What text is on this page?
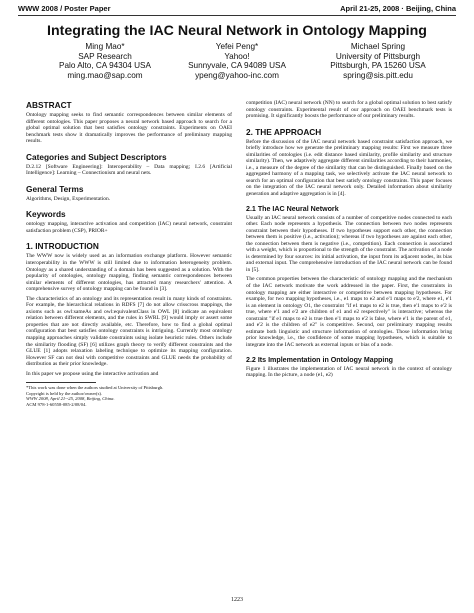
WWW 2008 / Poster Paper	April 21-25, 2008 · Beijing, China
Integrating the IAC Neural Network in Ontology Mapping
Ming Mao*
SAP Research
Palo Alto, CA 94304 USA
ming.mao@sap.com
Yefei Peng*
Yahoo!
Sunnyvale, CA 94089 USA
ypeng@yahoo-inc.com
Michael Spring
University of Pittsburgh
Pittsburgh, PA 15260 USA
spring@sis.pitt.edu
ABSTRACT

Ontology mapping seeks to find semantic correspondences between similar elements of different ontologies. This paper proposes a neural network based approach to search for a global optimal solution that best satisfies ontology constraints. Experiments on OAEI benchmark tests show it dramatically improves the performance of preliminary mapping results.

Categories and Subject Descriptors

D.2.12 [Software Engineering]: Interoperability – Data mapping; I.2.6 [Artificial Intelligence]: Learning – Connectionism and neural nets.

General Terms

Algorithms, Design, Experimentation.

Keywords

ontology mapping, interactive activation and competition (IAC) neural network, constraint satisfaction problem (CSP), PRIOR+

1. INTRODUCTION

The WWW now is widely used as an information exchange platform. However semantic interoperability in the WWW is still limited due to information heterogeneity problem. Ontology as a shared understanding of a domain has been suggested as a solution. With the popularity of ontologies, ontology mapping, finding semantic correspondences between similar elements of different ontologies, has attracted many researchers' attention. A comprehensive survey of ontology mapping can be found in [3].

The characteristics of an ontology and its representation result in many kinds of constraints. For example, the hierarchical relations in RDFS [7] do not allow crisscross mappings, the axioms such as owl:sameAs and owl:equivalentClass in OWL [8] indicate an equivalent relation between different elements, and the rules in SWRL [9] would imply or assert some properties that are not directly available, etc. Therefore, how to find a global optimal configuration that best satisfies ontology constraints is intriguing. Currently most ontology mapping approaches simply validate constraints using isolate heuristic rules. Others include the similarity flooding (SF) [6] utilizes graph theory to verify different constraints and the GLUE [1] adopts relaxation labeling technique to optimize its mapping configuration. However SF can not deal with competitive constraints and GLUE needs the probability of distribution as their prior knowledge.

In this paper we propose using the interactive activation and

*This work was done when the authors studied at University of Pittsburgh.
Copyright is held by the author/owner(s).
WWW 2008, April 21--25, 2008, Beijing, China.
ACM 978-1-60558-085-2/08/04.

competition (IAC) neural network (NN) to search for a global optimal solution to best satisfy ontology constraints. Experimental result of our approach on OAEI benchmark tests is promising. It significantly boosts the performance of our preliminary results.

2. THE APPROACH

Before the discussion of the IAC neural network based constraint satisfaction approach, we briefly introduce how we generate the preliminary mapping results: First we measure three similarities of ontologies (i.e. edit distance based similarity, profile similarity and structure similarity). Then, we adaptively aggregate different similarities according to their harmonies, i.e., a measure of the degree of the similarity that can be distinguished. Finally based on the aggregated harmony of a mapping task, we selectively activate the IAC neural network to search for an optimal configuration that best satisfy ontology constraints. This paper focuses on the integration of the IAC neural network only. Detailed information about similarity generation and adaptive aggregation is in [4].

2.1 The IAC Neural Network

Usually an IAC neural network consists of a number of competitive nodes connected to each other. Each node represents a hypothesis. The connection between two nodes represents constraint between their hypotheses. If two hypotheses support each other, the connection between them is positive (i.e., activation); whereas if two hypotheses are against each other, the connection between them is negative (i.e., competition). Each connection is associated with a weight, which is proportional to the strength of the constraint. The activation of a node is determined by four sources: its initial activation, the input from its adjacent nodes, its bias and external input. The comprehensive introduction of the IAC neural network can be found in [5].

The common properties between the characteristic of ontology mapping and the mechanism of the IAC network motivate the work addressed in the paper. First, the constraints in ontology mapping are either interactive or competitive between mapping hypotheses. For example, for two mapping hypotheses, i.e., e1 maps to e2 and e'1 maps to e'2, where e1, e'1 is an element in ontology O1, the constraint "if e1 maps to e2 is true, then e'1 maps to e'2 is true, where e'1 and e'2 are children of e1 and e2 respectively" is interactive; whereas the constraint "if e1 maps to e2 is true then e'1 maps to e'2 is false, where e'1 is the parent of e1, and e'2 is the children of e2" is competitive. Second, our preliminary mapping results estimate both linguistic and structure information of ontologies. Those information bring prior knowledge, i.e., the confidence of some mapping hypotheses, which is suitable to integrate into the IAC network as external inputs or bias of a node.

2.2 Its Implementation in Ontology Mapping

Figure 1 illustrates the implementation of IAC neural network in the context of ontology mapping. In the picture, a node (e1, e2)

1223
